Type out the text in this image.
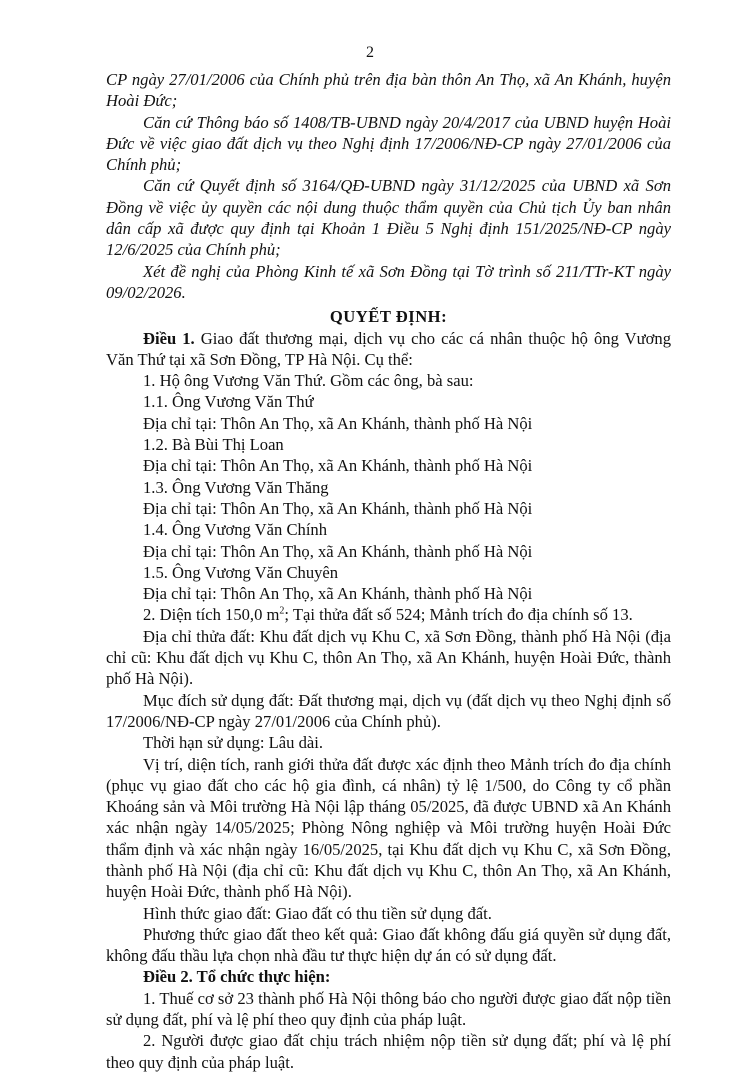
2

CP ngày 27/01/2006 của Chính phủ trên địa bàn thôn An Thọ, xã An Khánh, huyện Hoài Đức;

Căn cứ Thông báo số 1408/TB-UBND ngày 20/4/2017 của UBND huyện Hoài Đức về việc giao đất dịch vụ theo Nghị định 17/2006/NĐ-CP ngày 27/01/2006 của Chính phủ;

Căn cứ Quyết định số 3164/QĐ-UBND ngày 31/12/2025 của UBND xã Sơn Đồng về việc ủy quyền các nội dung thuộc thẩm quyền của Chủ tịch Ủy ban nhân dân cấp xã được quy định tại Khoản 1 Điều 5 Nghị định 151/2025/NĐ-CP ngày 12/6/2025 của Chính phủ;

Xét đề nghị của Phòng Kinh tế xã Sơn Đồng tại Tờ trình số 211/TTr-KT ngày 09/02/2026.

QUYẾT ĐỊNH:

Điều 1. Giao đất thương mại, dịch vụ cho các cá nhân thuộc hộ ông Vương Văn Thứ tại xã Sơn Đồng, TP Hà Nội. Cụ thể:

1. Hộ ông Vương Văn Thứ. Gồm các ông, bà sau:

1.1. Ông Vương Văn Thứ

Địa chỉ tại: Thôn An Thọ, xã An Khánh, thành phố Hà Nội

1.2. Bà Bùi Thị Loan

Địa chỉ tại: Thôn An Thọ, xã An Khánh, thành phố Hà Nội

1.3. Ông Vương Văn Thăng

Địa chỉ tại: Thôn An Thọ, xã An Khánh, thành phố Hà Nội

1.4. Ông Vương Văn Chính

Địa chỉ tại: Thôn An Thọ, xã An Khánh, thành phố Hà Nội

1.5. Ông Vương Văn Chuyên

Địa chỉ tại: Thôn An Thọ, xã An Khánh, thành phố Hà Nội

2. Diện tích 150,0 $m^2$; Tại thửa đất số 524; Mảnh trích đo địa chính số 13.

Địa chỉ thửa đất: Khu đất dịch vụ Khu C, xã Sơn Đồng, thành phố Hà Nội (địa chỉ cũ: Khu đất dịch vụ Khu C, thôn An Thọ, xã An Khánh, huyện Hoài Đức, thành phố Hà Nội).

Mục đích sử dụng đất: Đất thương mại, dịch vụ (đất dịch vụ theo Nghị định số 17/2006/NĐ-CP ngày 27/01/2006 của Chính phủ).

Thời hạn sử dụng: Lâu dài.

Vị trí, diện tích, ranh giới thửa đất được xác định theo Mảnh trích đo địa chính (phục vụ giao đất cho các hộ gia đình, cá nhân) tỷ lệ 1/500, do Công ty cổ phần Khoáng sản và Môi trường Hà Nội lập tháng 05/2025, đã được UBND xã An Khánh xác nhận ngày 14/05/2025; Phòng Nông nghiệp và Môi trường huyện Hoài Đức thẩm định và xác nhận ngày 16/05/2025, tại Khu đất dịch vụ Khu C, xã Sơn Đồng, thành phố Hà Nội (địa chỉ cũ: Khu đất dịch vụ Khu C, thôn An Thọ, xã An Khánh, huyện Hoài Đức, thành phố Hà Nội).

Hình thức giao đất: Giao đất có thu tiền sử dụng đất.

Phương thức giao đất theo kết quả: Giao đất không đấu giá quyền sử dụng đất, không đấu thầu lựa chọn nhà đầu tư thực hiện dự án có sử dụng đất.

Điều 2. Tổ chức thực hiện:

1. Thuế cơ sở 23 thành phố Hà Nội thông báo cho người được giao đất nộp tiền sử dụng đất, phí và lệ phí theo quy định của pháp luật.

2. Người được giao đất chịu trách nhiệm nộp tiền sử dụng đất; phí và lệ phí theo quy định của pháp luật.
